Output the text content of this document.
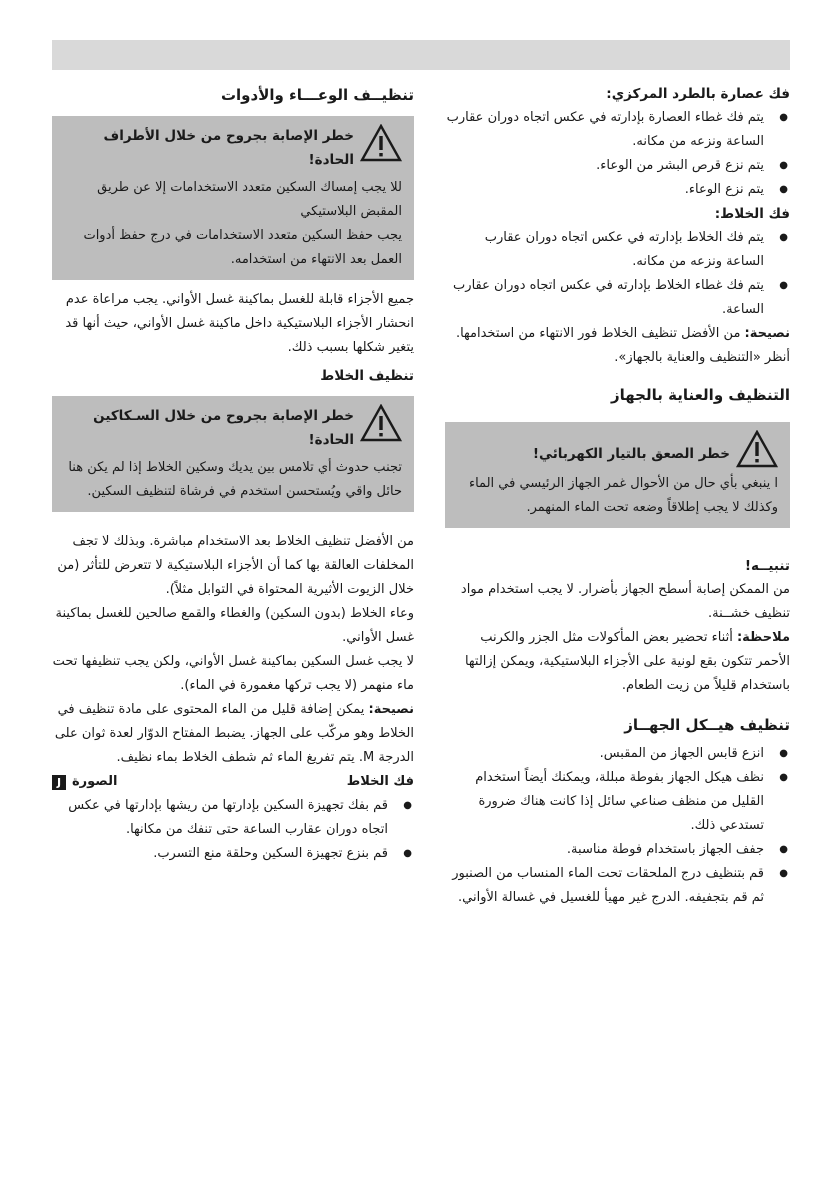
فك عصارة بالطرد المركزي:

● يتم فك غطاء العصارة بإدارته في عكس اتجاه دوران عقارب الساعة ونزعه من مكانه.
● يتم نزع قرص البشر من الوعاء.
● يتم نزع الوعاء.

فك الخلاط:

● يتم فك الخلاط بإدارته في عكس اتجاه دوران عقارب الساعة ونزعه من مكانه.
● يتم فك غطاء الخلاط بإدارته في عكس اتجاه دوران عقارب الساعة.

نصيحة: من الأفضل تنظيف الخلاط فور الانتهاء من استخدامها. أنظر «التنظيف والعناية بالجهاز».

التنظيف والعناية بالجهاز

خطر الصعق بالتيار الكهربائي!

ا ينبغي بأي حال من الأحوال غمر الجهاز الرئيسي في الماء وكذلك لا يجب إطلاقاً وضعه تحت الماء المنهمر.

تنبيــه!

من الممكن إصابة أسطح الجهاز بأضرار. لا يجب استخدام مواد تنظيف خشــنة.

ملاحظة: أثناء تحضير بعض المأكولات مثل الجزر والكرنب الأحمر تتكون بقع لونية على الأجزاء البلاستيكية، ويمكن إزالتها باستخدام قليلاً من زيت الطعام.

تنظيف هيــكل الجهــاز

● انزع قابس الجهاز من المقبس.
● نظف هيكل الجهاز بفوطة مبللة، ويمكنك أيضاً استخدام القليل من منظف صناعي سائل إذا كانت هناك ضرورة تستدعي ذلك.
● جفف الجهاز باستخدام فوطة مناسبة.
● قم بتنظيف درج الملحقات تحت الماء المنساب من الصنبور ثم قم بتجفيفه. الدرج غير مهيأ للغسيل في غسالة الأواني.

تنظيــف الوعـــاء والأدوات

خطر الإصابة بجروح من خلال الأطراف الحادة!

للا يجب إمساك السكين متعدد الاستخدامات إلا عن طريق المقبض البلاستيكي

يجب حفظ السكين متعدد الاستخدامات في درج حفظ أدوات العمل بعد الانتهاء من استخدامه.

جميع الأجزاء قابلة للغسل بماكينة غسل الأواني. يجب مراعاة عدم انحشار الأجزاء البلاستيكية داخل ماكينة غسل الأواني، حيث أنها قد يتغير شكلها بسبب ذلك.

تنظيف الخلاط

خطر الإصابة بجروح من خلال السـكاكين الحادة!

تجنب حدوث أي تلامس بين يديك وسكين الخلاط إذا لم يكن هنا حائل واقي ويُستحسن استخدم في فرشاة لتنظيف السكين.

من الأفضل تنظيف الخلاط بعد الاستخدام مباشرة. وبذلك لا تجف المخلفات العالقة بها كما أن الأجزاء البلاستيكية لا تتعرض للتأثر (من خلال الزيوت الأثيرية المحتواة في التوابل مثلاً).

وعاء الخلاط (بدون السكين) والغطاء والقمع صالحين للغسل بماكينة غسل الأواني.

لا يجب غسل السكين بماكينة غسل الأواني، ولكن يجب تنظيفها تحت ماء منهمر (لا يجب تركها مغمورة في الماء).

نصيحة: يمكن إضافة قليل من الماء المحتوى على مادة تنظيف في الخلاط وهو مركّب على الجهاز. يضبط المفتاح الدوّار لعدة ثوان على الدرجة M. يتم تفريغ الماء ثم شطف الخلاط بماء نظيف.

فك الخلاط
الصورة
J
● قم بفك تجهيزة السكين بإدارتها من ريشها بإدارتها في عكس اتجاه دوران عقارب الساعة حتى تنفك من مكانها.
● قم بنزع تجهيزة السكين وحلقة منع التسرب.
